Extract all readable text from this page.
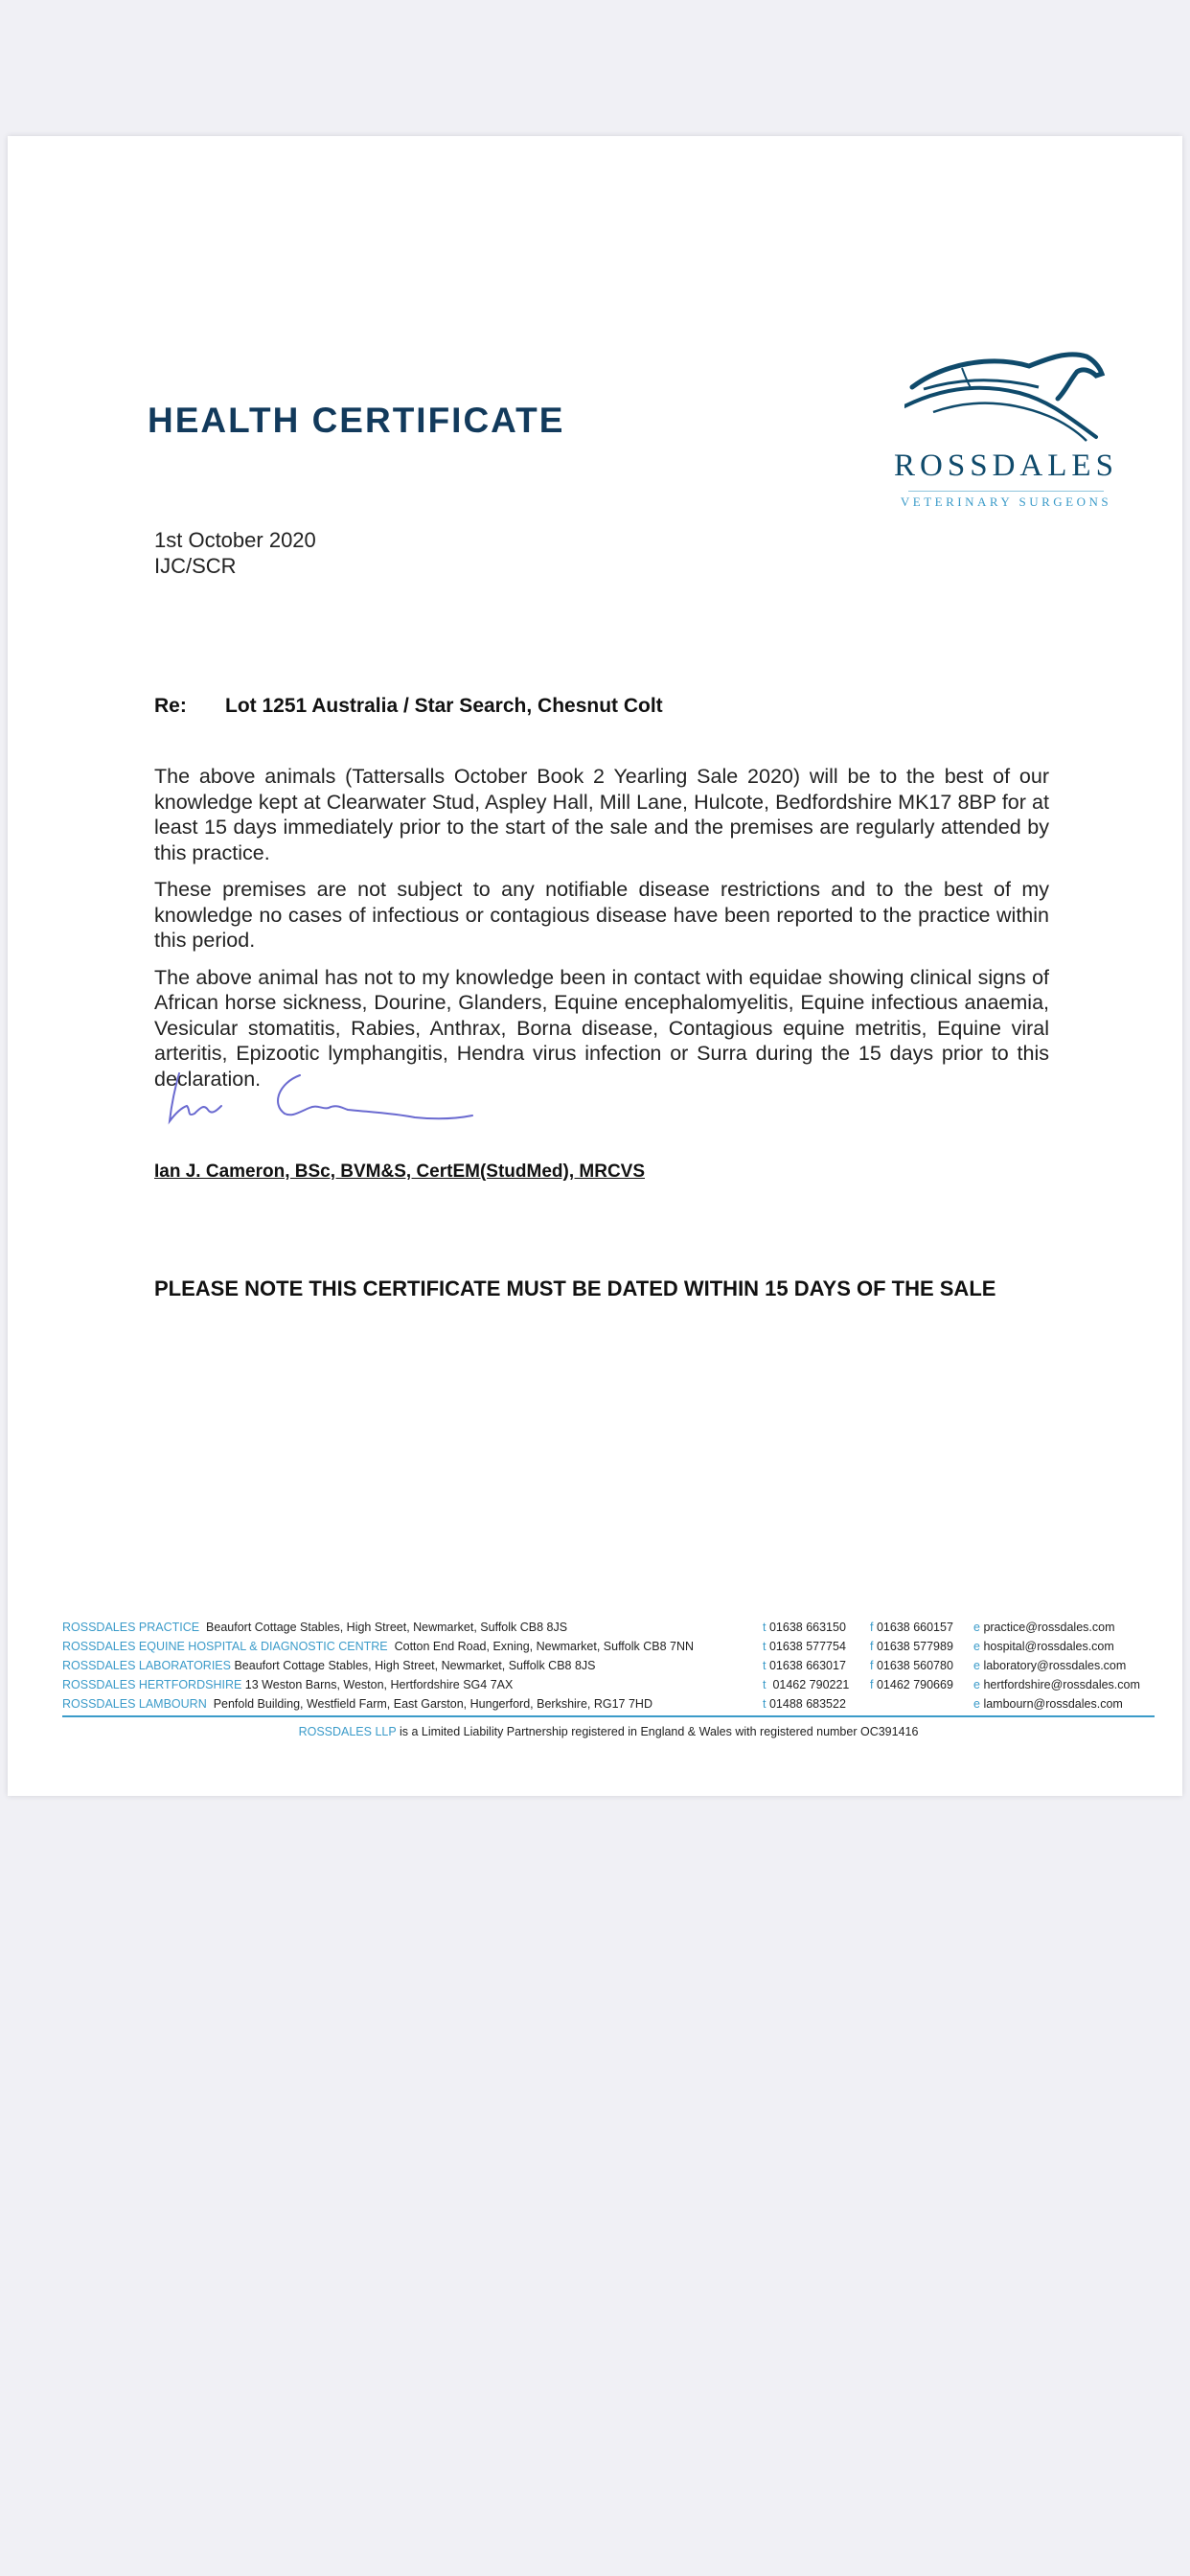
HEALTH CERTIFICATE
ROSSDALES
VETERINARY SURGEONS
1st October 2020
IJC/SCR
Re: Lot 1251 Australia / Star Search, Chesnut Colt

The above animals (Tattersalls October Book 2 Yearling Sale 2020) will be to the best of our knowledge kept at Clearwater Stud, Aspley Hall, Mill Lane, Hulcote, Bedfordshire MK17 8BP for at least 15 days immediately prior to the start of the sale and the premises are regularly attended by this practice.

These premises are not subject to any notifiable disease restrictions and to the best of my knowledge no cases of infectious or contagious disease have been reported to the practice within this period.

The above animal has not to my knowledge been in contact with equidae showing clinical signs of African horse sickness, Dourine, Glanders, Equine encephalomyelitis, Equine infectious anaemia, Vesicular stomatitis, Rabies, Anthrax, Borna disease, Contagious equine metritis, Equine viral arteritis, Epizootic lymphangitis, Hendra virus infection or Surra during the 15 days prior to this declaration.

Ian J. Cameron, BSc, BVM&S, CertEM(StudMed), MRCVS
PLEASE NOTE THIS CERTIFICATE MUST BE DATED WITHIN 15 DAYS OF THE SALE
ROSSDALES PRACTICE Beaufort Cottage Stables, High Street, Newmarket, Suffolk CB8 8JS	t 01638 663150 f 01638 660157 e practice@rossdales.com
ROSSDALES EQUINE HOSPITAL & DIAGNOSTIC CENTRE Cotton End Road, Exning, Newmarket, Suffolk CB8 7NN	t 01638 577754 f 01638 577989 e hospital@rossdales.com
ROSSDALES LABORATORIES Beaufort Cottage Stables, High Street, Newmarket, Suffolk CB8 8JS	t 01638 663017 f 01638 560780 e laboratory@rossdales.com
ROSSDALES HERTFORDSHIRE 13 Weston Barns, Weston, Hertfordshire SG4 7AX	t 01462 790221 f 01462 790669 e hertfordshire@rossdales.com
ROSSDALES LAMBOURN Penfold Building, Westfield Farm, East Garston, Hungerford, Berkshire, RG17 7HD	t 01488 683522	e lambourn@rossdales.com
ROSSDALES LLP is a Limited Liability Partnership registered in England & Wales with registered number OC391416
